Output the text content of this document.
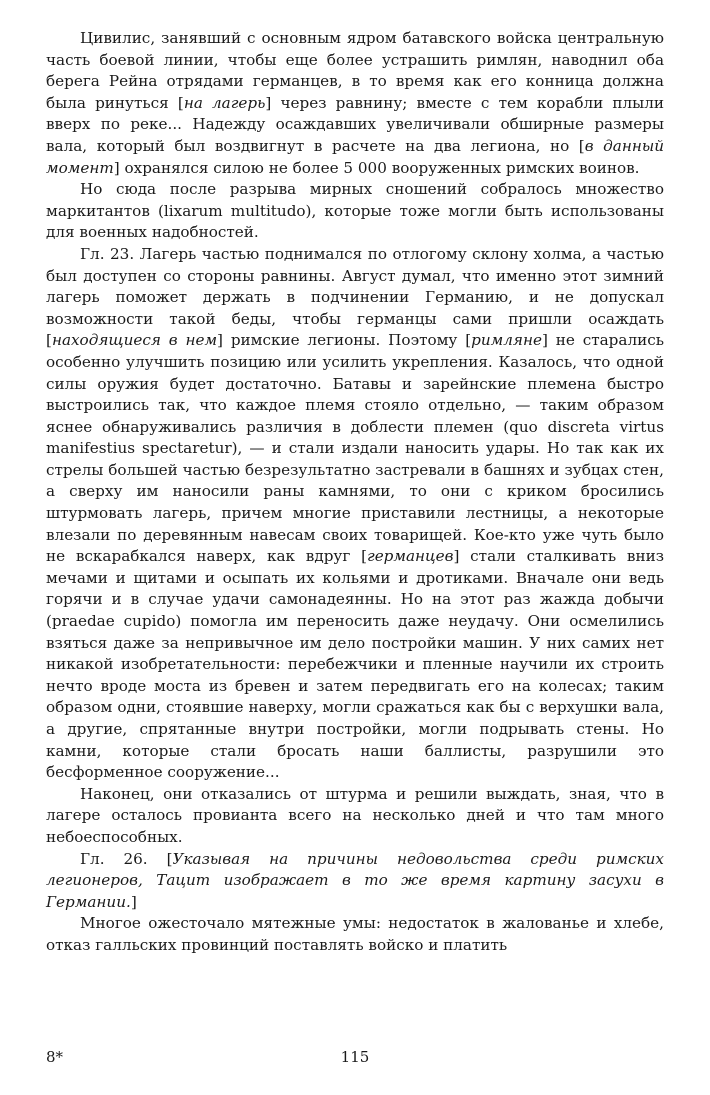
Цивилис, занявший с основным ядром батавского войска центральную часть боевой линии, чтобы еще более устрашить римлян, наводнил оба берега Рейна отрядами германцев, в то время как его конница должна была ринуться [на лагерь] через равнину; вместе с тем корабли плыли вверх по реке... Надежду осаждавших увеличивали обширные размеры вала, который был воздвигнут в расчете на два легиона, но [в данный момент] охранялся силою не более 5 000 вооруженных римских воинов.

Но сюда после разрыва мирных сношений собралось множество маркитантов (lixarum multitudo), которые тоже могли быть использованы для военных надобностей.

Гл. 23. Лагерь частью поднимался по отлогому склону холма, а частью был доступен со стороны равнины. Август думал, что именно этот зимний лагерь поможет держать в подчинении Германию, и не допускал возможности такой беды, чтобы германцы сами пришли осаждать [находящиеся в нем] римские легионы. Поэтому [римляне] не старались особенно улучшить позицию или усилить укрепления. Казалось, что одной силы оружия будет достаточно. Батавы и зарейнские племена быстро выстроились так, что каждое племя стояло отдельно, — таким образом яснее обнаруживались различия в доблести племен (quo discreta virtus manifestius spectaretur), — и стали издали наносить удары. Но так как их стрелы большей частью безрезультатно застревали в башнях и зубцах стен, а сверху им наносили раны камнями, то они с криком бросились штурмовать лагерь, причем многие приставили лестницы, а некоторые влезали по деревянным навесам своих товарищей. Кое-кто уже чуть было не вскарабкался наверх, как вдруг [германцев] стали сталкивать вниз мечами и щитами и осыпать их кольями и дротиками. Вначале они ведь горячи и в случае удачи самонадеянны. Но на этот раз жажда добычи (praedae cupido) помогла им переносить даже неудачу. Они осмелились взяться даже за непривычное им дело постройки машин. У них самих нет никакой изобретательности: перебежчики и пленные научили их строить нечто вроде моста из бревен и затем передвигать его на колесах; таким образом одни, стоявшие наверху, могли сражаться как бы с верхушки вала, а другие, спрятанные внутри постройки, могли подрывать стены. Но камни, которые стали бросать наши баллисты, разрушили это бесформенное сооружение...

Наконец, они отказались от штурма и решили выждать, зная, что в лагере осталось провианта всего на несколько дней и что там много небоеспособных.

Гл. 26. [Указывая на причины недовольства среди римских легионеров, Тацит изображает в то же время картину засухи в Германии.]

Многое ожесточало мятежные умы: недостаток в жалованье и хлебе, отказ галльских провинций поставлять войско и платить

8*	115
